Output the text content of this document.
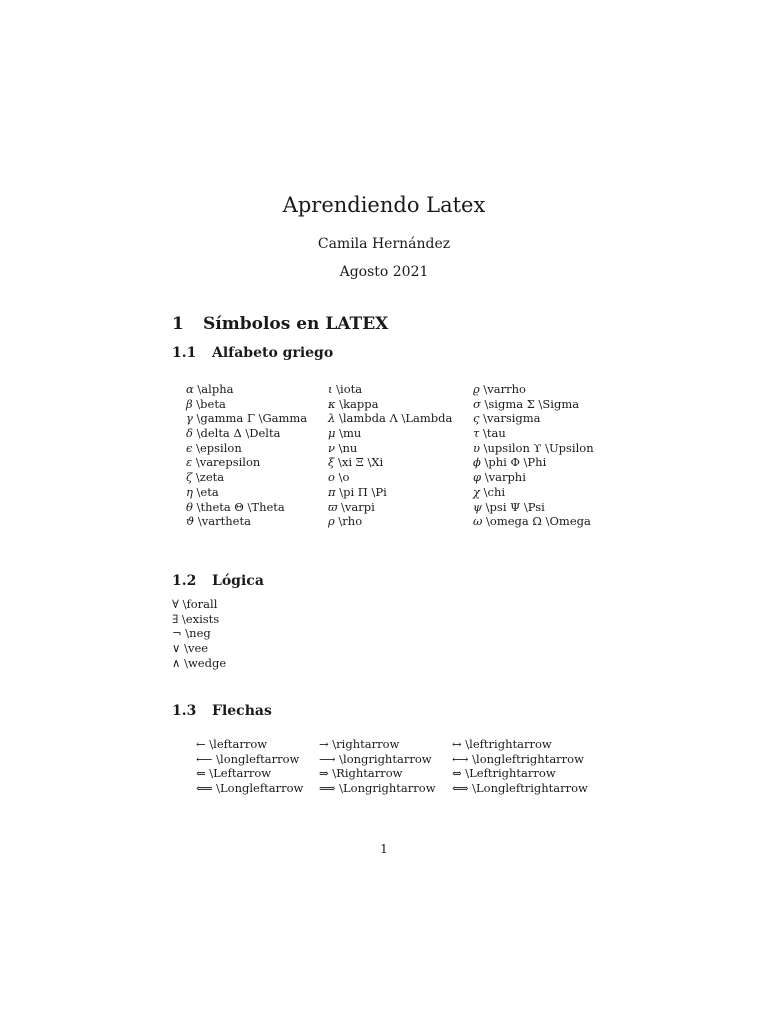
Aprendiendo Latex
Camila Hernández
Agosto 2021
1 Símbolos en LATEX
1.1 Alfabeto griego
α \alpha
β \beta
γ \gamma Γ \Gamma
δ \delta Δ \Delta
ϵ \epsilon
ε \varepsilon
ζ \zeta
η \eta
θ \theta Θ \Theta
ϑ \vartheta
ι \iota
κ \kappa
λ \lambda Λ \Lambda
μ \mu
ν \nu
ξ \xi Ξ \Xi
o \o
π \pi Π \Pi
ϖ \varpi
ρ \rho
ϱ \varrho
σ \sigma Σ \Sigma
ς \varsigma
τ \tau
υ \upsilon ϒ \Upsilon
ϕ \phi Φ \Phi
φ \varphi
χ \chi
ψ \psi Ψ \Psi
ω \omega Ω \Omega
1.2 Lógica
∀ \forall
∃ \exists
¬ \neg
∨ \vee
∧ \wedge
1.3 Flechas
← \leftarrow
⟵ \longleftarrow
⇐ \Leftarrow
⟸ \Longleftarrow
→ \rightarrow
⟶ \longrightarrow
⇒ \Rightarrow
⟹ \Longrightarrow
↔ \leftrightarrow
⟷ \longleftrightarrow
⇔ \Leftrightarrow
⟺ \Longleftrightarrow
1
